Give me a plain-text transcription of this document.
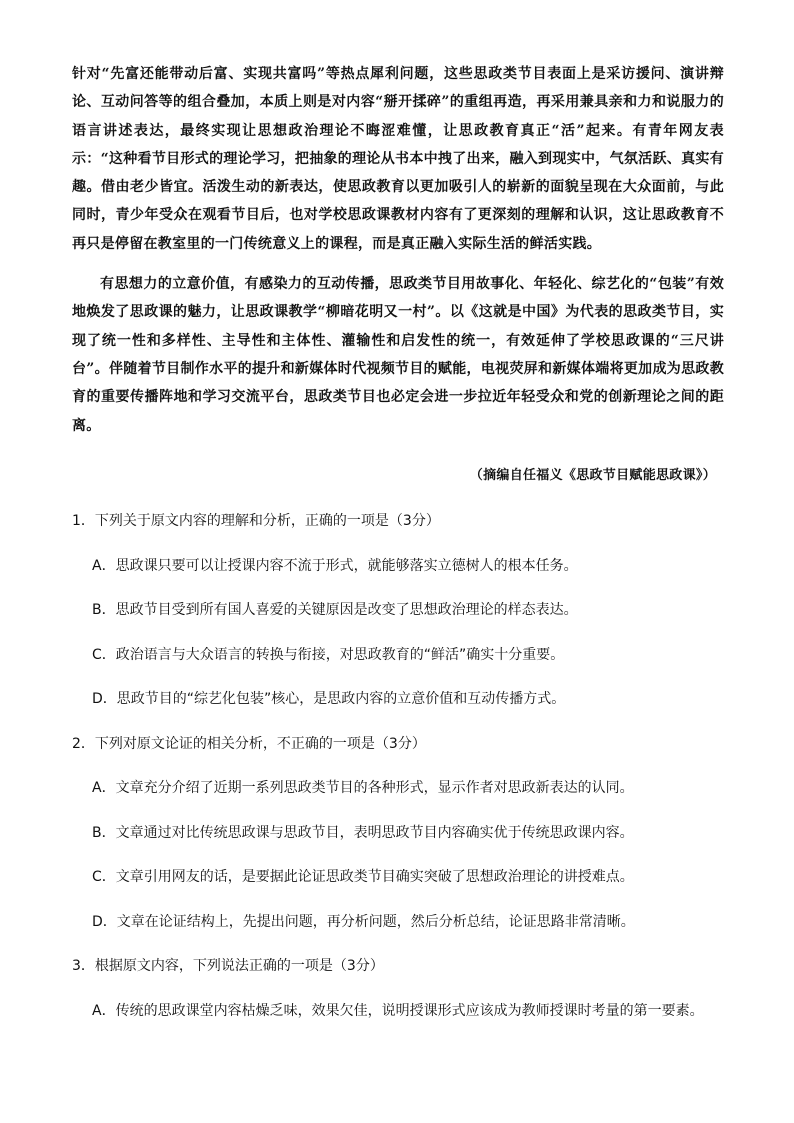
针对“先富还能带动后富、实现共富吗”等热点犀利问题，这些思政类节目表面上是采访援问、演讲辩论、互动问答等的组合叠加，本质上则是对内容“掰开揉碎”的重组再造，再采用兼具亲和力和说服力的语言讲述表达，最终实现让思想政治理论不晦涩难懂，让思政教育真正“活”起来。有青年网友表示：“这种看节目形式的理论学习，把抽象的理论从书本中拽了出来，融入到现实中，气氛活跃、真实有趣。借由老少皆宜。活泼生动的新表达，使思政教育以更加吸引人的崭新的面貌呈现在大众面前，与此同时，青少年受众在观看节目后，也对学校思政课教材内容有了更深刻的理解和认识，这让思政教育不再只是停留在教室里的一门传统意义上的课程，而是真正融入实际生活的鲜活实践。

有思想力的立意价值，有感染力的互动传播，思政类节目用故事化、年轻化、综艺化的“包装”有效地焕发了思政课的魅力，让思政课教学“柳暗花明又一村”。以《这就是中国》为代表的思政类节目，实现了统一性和多样性、主导性和主体性、灌输性和启发性的统一，有效延伸了学校思政课的“三尺讲台”。伴随着节目制作水平的提升和新媒体时代视频节目的赋能，电视荧屏和新媒体端将更加成为思政教育的重要传播阵地和学习交流平台，思政类节目也必定会进一步拉近年轻受众和党的创新理论之间的距离。

（摘编自任福义《思政节目赋能思政课》）
1．下列关于原文内容的理解和分析，正确的一项是（3分）
A．思政课只要可以让授课内容不流于形式，就能够落实立德树人的根本任务。
B．思政节目受到所有国人喜爱的关键原因是改变了思想政治理论的样态表达。
C．政治语言与大众语言的转换与衔接，对思政教育的“鲜活”确实十分重要。
D．思政节目的“综艺化包装”核心，是思政内容的立意价值和互动传播方式。
2．下列对原文论证的相关分析，不正确的一项是（3分）
A．文章充分介绍了近期一系列思政类节目的各种形式，显示作者对思政新表达的认同。
B．文章通过对比传统思政课与思政节目，表明思政节目内容确实优于传统思政课内容。
C．文章引用网友的话，是要据此论证思政类节目确实突破了思想政治理论的讲授难点。
D．文章在论证结构上，先提出问题，再分析问题，然后分析总结，论证思路非常清晰。
3．根据原文内容，下列说法正确的一项是（3分）
A．传统的思政课堂内容枯燥乏味，效果欠佳，说明授课形式应该成为教师授课时考量的第一要素。
